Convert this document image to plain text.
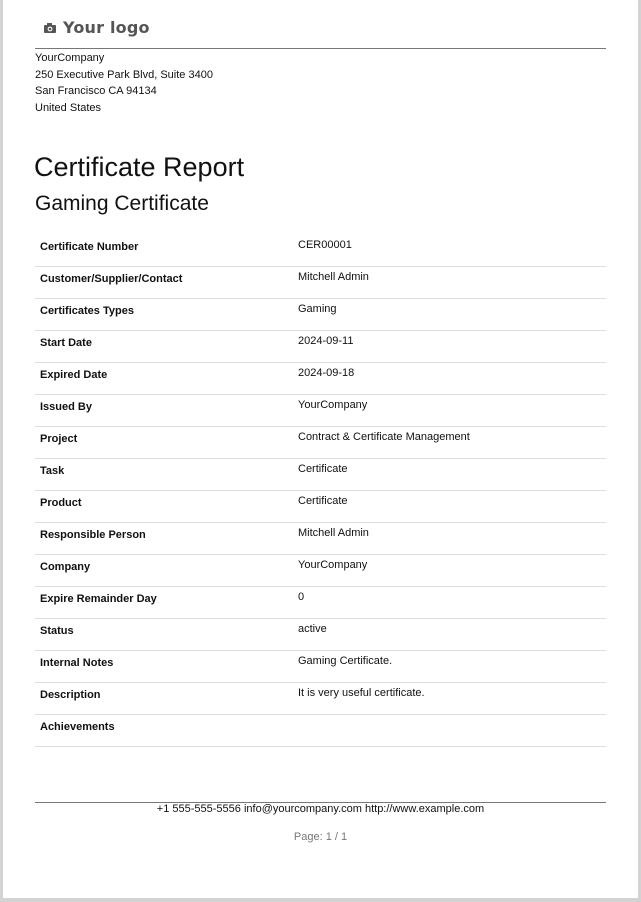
Your logo
YourCompany
250 Executive Park Blvd, Suite 3400
San Francisco CA 94134
United States
Certificate Report
Gaming Certificate
Certificate Number	CER00001
Customer/Supplier/Contact	Mitchell Admin
Certificates Types	Gaming
Start Date	2024-09-11
Expired Date	2024-09-18
Issued By	YourCompany
Project	Contract & Certificate Management
Task	Certificate
Product	Certificate
Responsible Person	Mitchell Admin
Company	YourCompany
Expire Remainder Day	0
Status	active
Internal Notes	Gaming Certificate.
Description	It is very useful certificate.
Achievements	
+1 555-555-5556 info@yourcompany.com http://www.example.com
Page: 1 / 1
